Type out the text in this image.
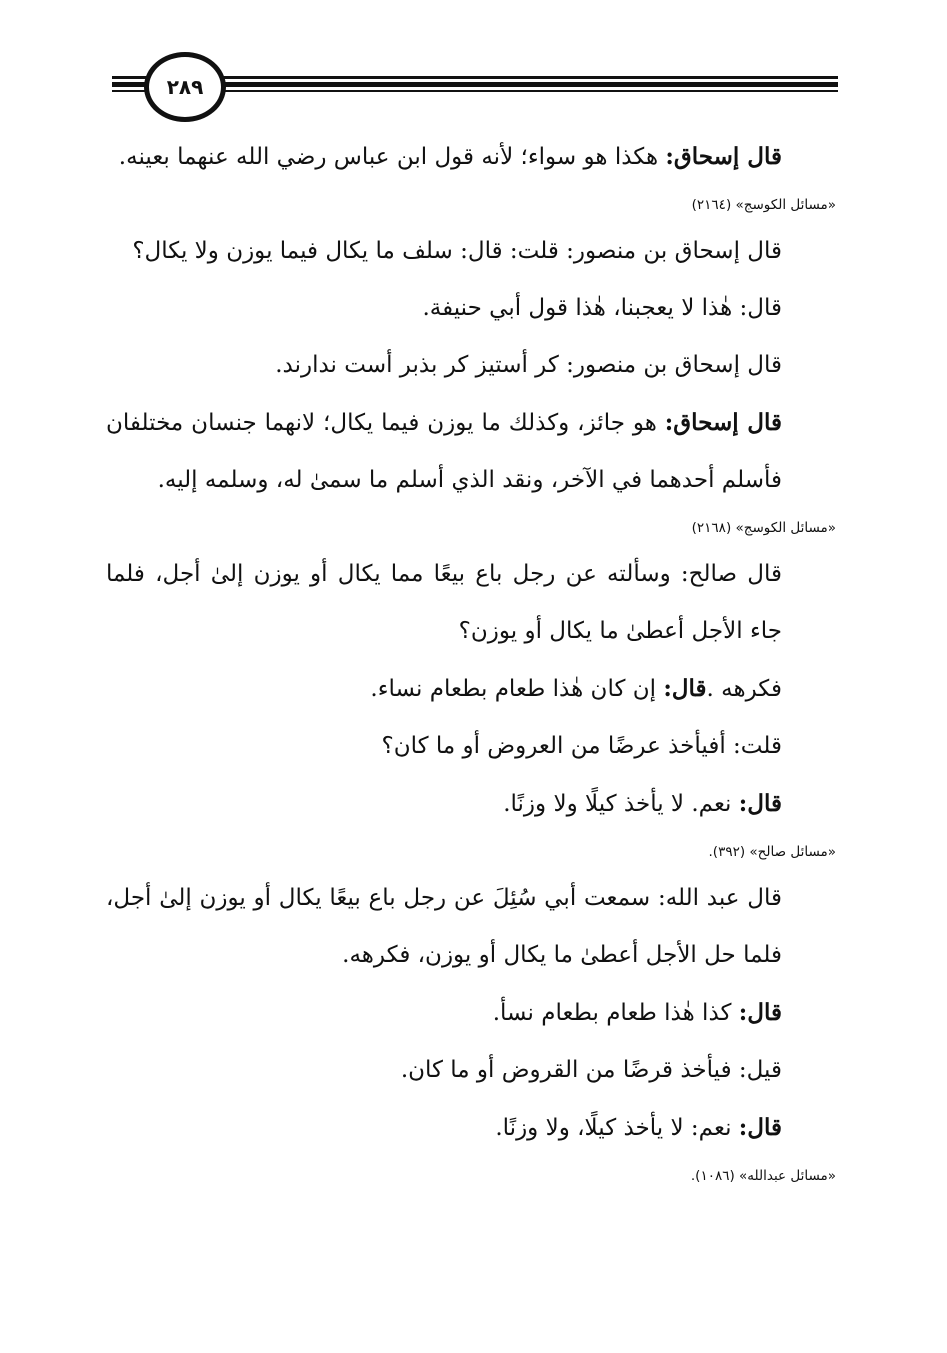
٢٨٩

قال إسحاق: هكذا هو سواء؛ لأنه قول ابن عباس رضي الله عنهما بعينه.

«مسائل الكوسج» (٢١٦٤)

قال إسحاق بن منصور: قلت: قال: سلف ما يكال فيما يوزن ولا يكال؟

قال: هٰذا لا يعجبنا، هٰذا قول أبي حنيفة.

قال إسحاق بن منصور: كر أستيز كر بذبر أست ندارند.

قال إسحاق: هو جائز، وكذلك ما يوزن فيما يكال؛ لانهما جنسان مختلفان فأسلم أحدهما في الآخر، ونقد الذي أسلم ما سمىٰ له، وسلمه إليه.

«مسائل الكوسج» (٢١٦٨)

قال صالح: وسألته عن رجل باع بيعًا مما يكال أو يوزن إلىٰ أجل، فلما جاء الأجل أعطىٰ ما يكال أو يوزن؟

فكرهه .قال: إن كان هٰذا طعام بطعام نساء.

قلت: أفيأخذ عرضًا من العروض أو ما كان؟

قال: نعم. لا يأخذ كيلًا ولا وزنًا.

«مسائل صالح» (٣٩٢).

قال عبد الله: سمعت أبي سُئِلَ عن رجل باع بيعًا يكال أو يوزن إلىٰ أجل، فلما حل الأجل أعطىٰ ما يكال أو يوزن، فكرهه.

قال: كذا هٰذا طعام بطعام نسأ.

قيل: فيأخذ قرضًا من القروض أو ما كان.

قال: نعم: لا يأخذ كيلًا، ولا وزنًا.

«مسائل عبدالله» (١٠٨٦).
